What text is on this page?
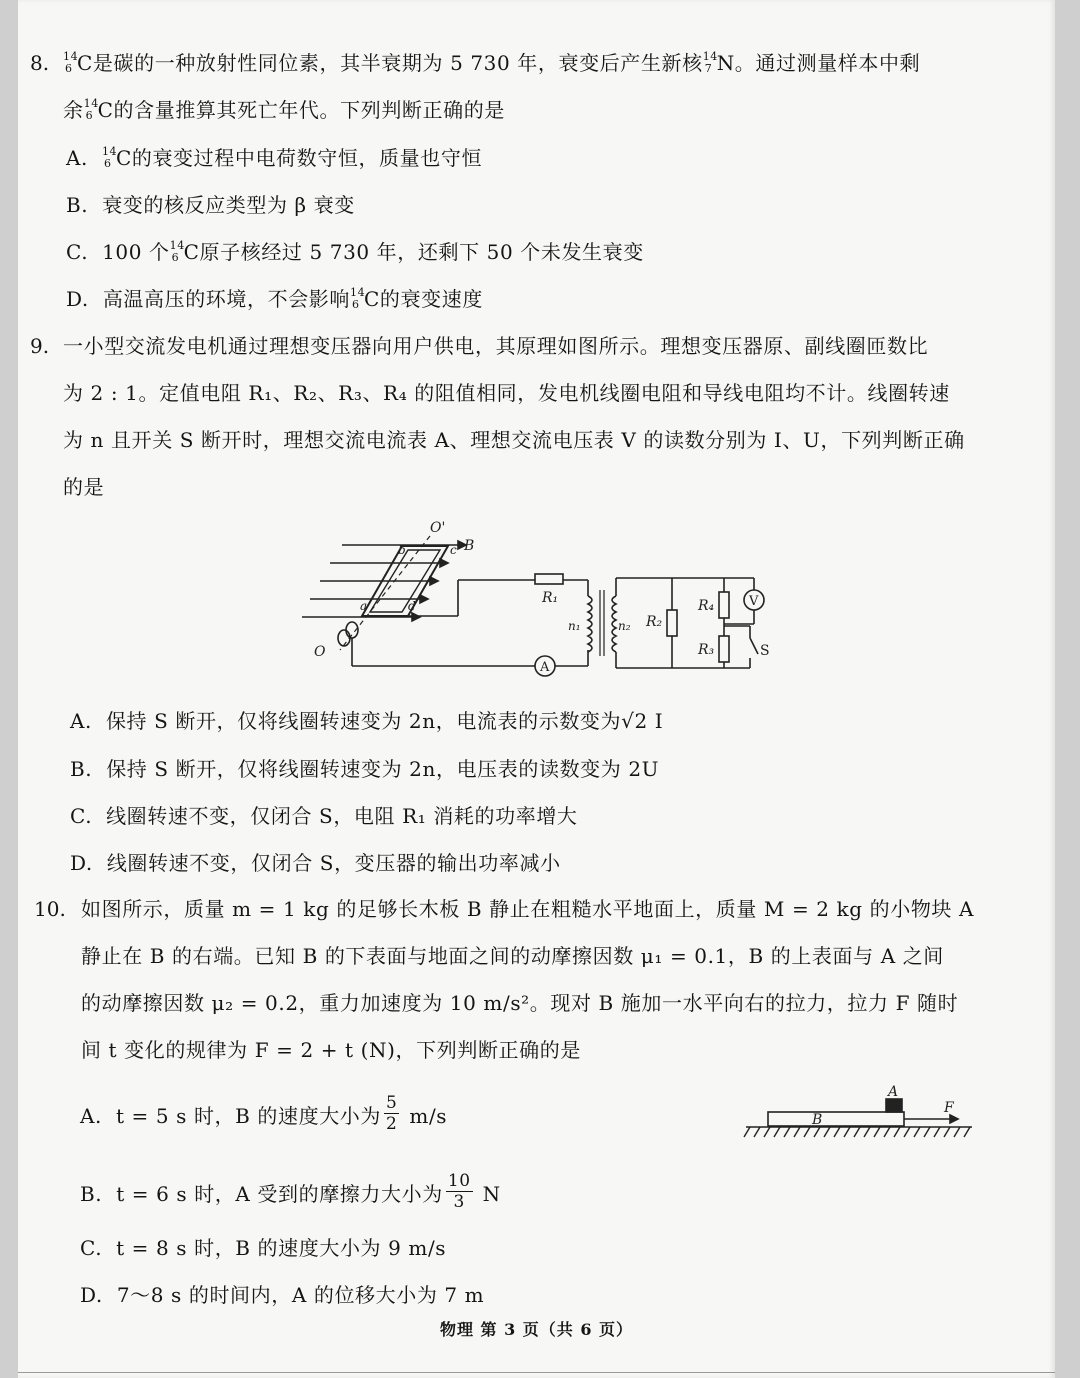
8. 14
6 C是碳的一种放射性同位素，其半衰期为 5 730 年，衰变后产生新核 14
7 N。通过测量样本中剩
余 14
6 C的含量推算其死亡年代。下列判断正确的是
A. 14
6 C的衰变过程中电荷数守恒，质量也守恒
B. 衰变的核反应类型为 β 衰变
C. 100 个 14
6 C原子核经过 5 730 年，还剩下 50 个未发生衰变
D. 高温高压的环境，不会影响 14
6 C的衰变速度
9. 一小型交流发电机通过理想变压器向用户供电，其原理如图所示。理想变压器原、副线圈匝数比
为 2 : 1。定值电阻 R₁、R₂、R₃、R₄ 的阻值相同，发电机线圈电阻和导线电阻均不计。线圈转速
为 n 且开关 S 断开时，理想交流电流表 A、理想交流电压表 V 的读数分别为 I、U，下列判断正确
的是
O'
O
b	c B
a	d	R₁
n₁	n₂ R₂
R₄
R₃
A
V
S
A. 保持 S 断开，仅将线圈转速变为 2n，电流表的示数变为√2 I
B. 保持 S 断开，仅将线圈转速变为 2n，电压表的读数变为 2U
C. 线圈转速不变，仅闭合 S，电阻 R₁ 消耗的功率增大
D. 线圈转速不变，仅闭合 S，变压器的输出功率减小
10. 如图所示，质量 m = 1 kg 的足够长木板 B 静止在粗糙水平地面上，质量 M = 2 kg 的小物块 A
静止在 B 的右端。已知 B 的下表面与地面之间的动摩擦因数 μ₁ = 0.1，B 的上表面与 A 之间
的动摩擦因数 μ₂ = 0.2，重力加速度为 10 m/s²。现对 B 施加一水平向右的拉力，拉力 F 随时
间 t 变化的规律为 F = 2 + t (N)，下列判断正确的是
A. t = 5 s 时，B 的速度大小为 $\frac{5}{2} m/s$
B. t = 6 s 时，A 受到的摩擦力大小为 $\frac{10}{3}$ N
C. t = 8 s 时，B 的速度大小为 9 m/s
D. 7～8 s 的时间内，A 的位移大小为 7 m
A
B
F
物理 第 3 页（共 6 页）
